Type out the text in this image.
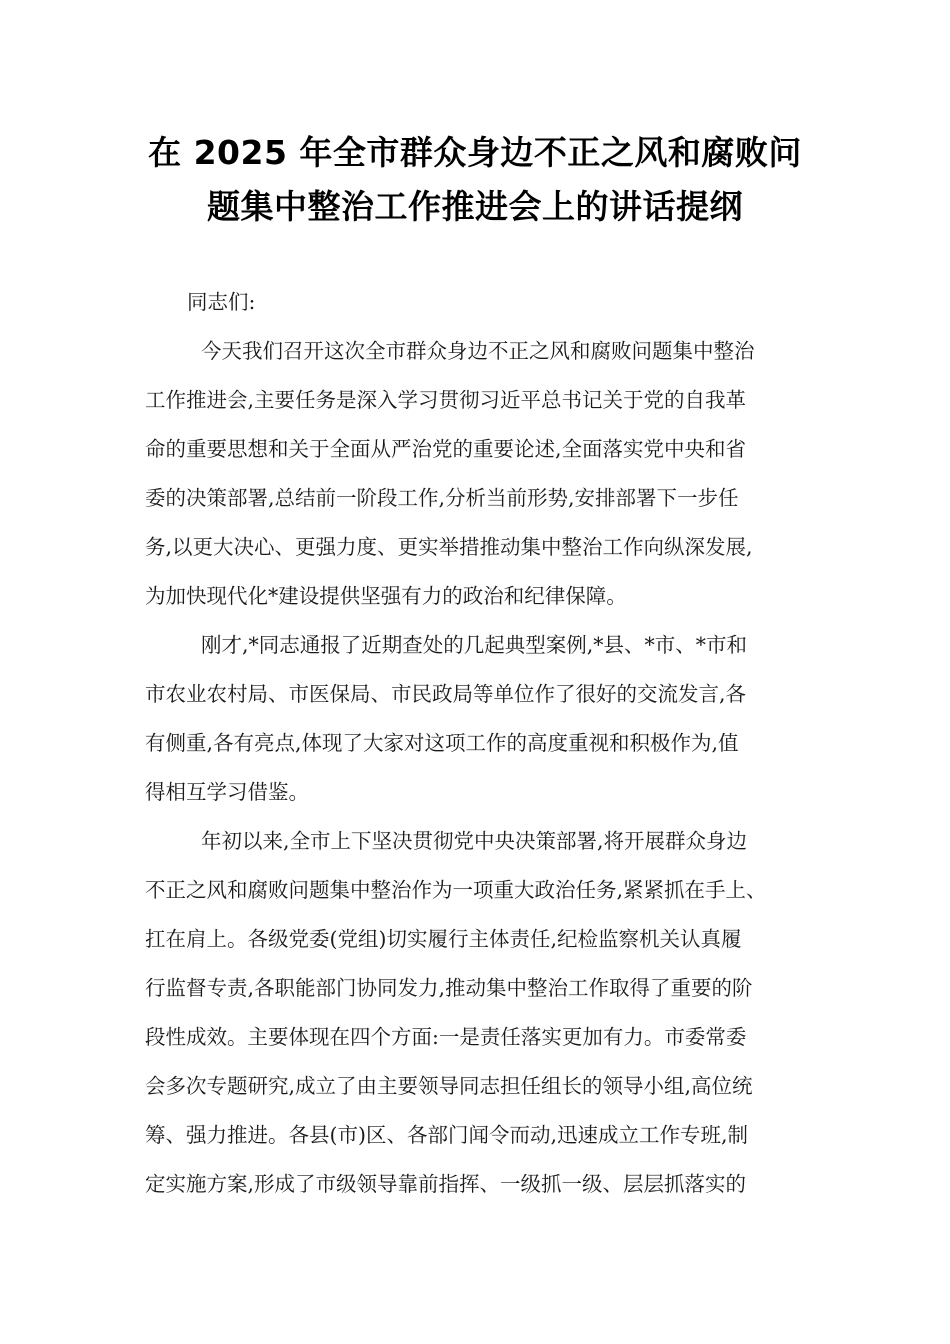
在 2025 年全市群众身边不正之风和腐败问
题集中整治工作推进会上的讲话提纲
同志们:
今天我们召开这次全市群众身边不正之风和腐败问题集中整治
工作推进会,主要任务是深入学习贯彻习近平总书记关于党的自我革
命的重要思想和关于全面从严治党的重要论述,全面落实党中央和省
委的决策部署,总结前一阶段工作,分析当前形势,安排部署下一步任
务,以更大决心、更强力度、更实举措推动集中整治工作向纵深发展,
为加快现代化*建设提供坚强有力的政治和纪律保障。
刚才,*同志通报了近期查处的几起典型案例,*县、*市、*市和
市农业农村局、市医保局、市民政局等单位作了很好的交流发言,各
有侧重,各有亮点,体现了大家对这项工作的高度重视和积极作为,值
得相互学习借鉴。
年初以来,全市上下坚决贯彻党中央决策部署,将开展群众身边
不正之风和腐败问题集中整治作为一项重大政治任务,紧紧抓在手上、
扛在肩上。各级党委(党组)切实履行主体责任,纪检监察机关认真履
行监督专责,各职能部门协同发力,推动集中整治工作取得了重要的阶
段性成效。主要体现在四个方面:一是责任落实更加有力。市委常委
会多次专题研究,成立了由主要领导同志担任组长的领导小组,高位统
筹、强力推进。各县(市)区、各部门闻令而动,迅速成立工作专班,制
定实施方案,形成了市级领导靠前指挥、一级抓一级、层层抓落实的
